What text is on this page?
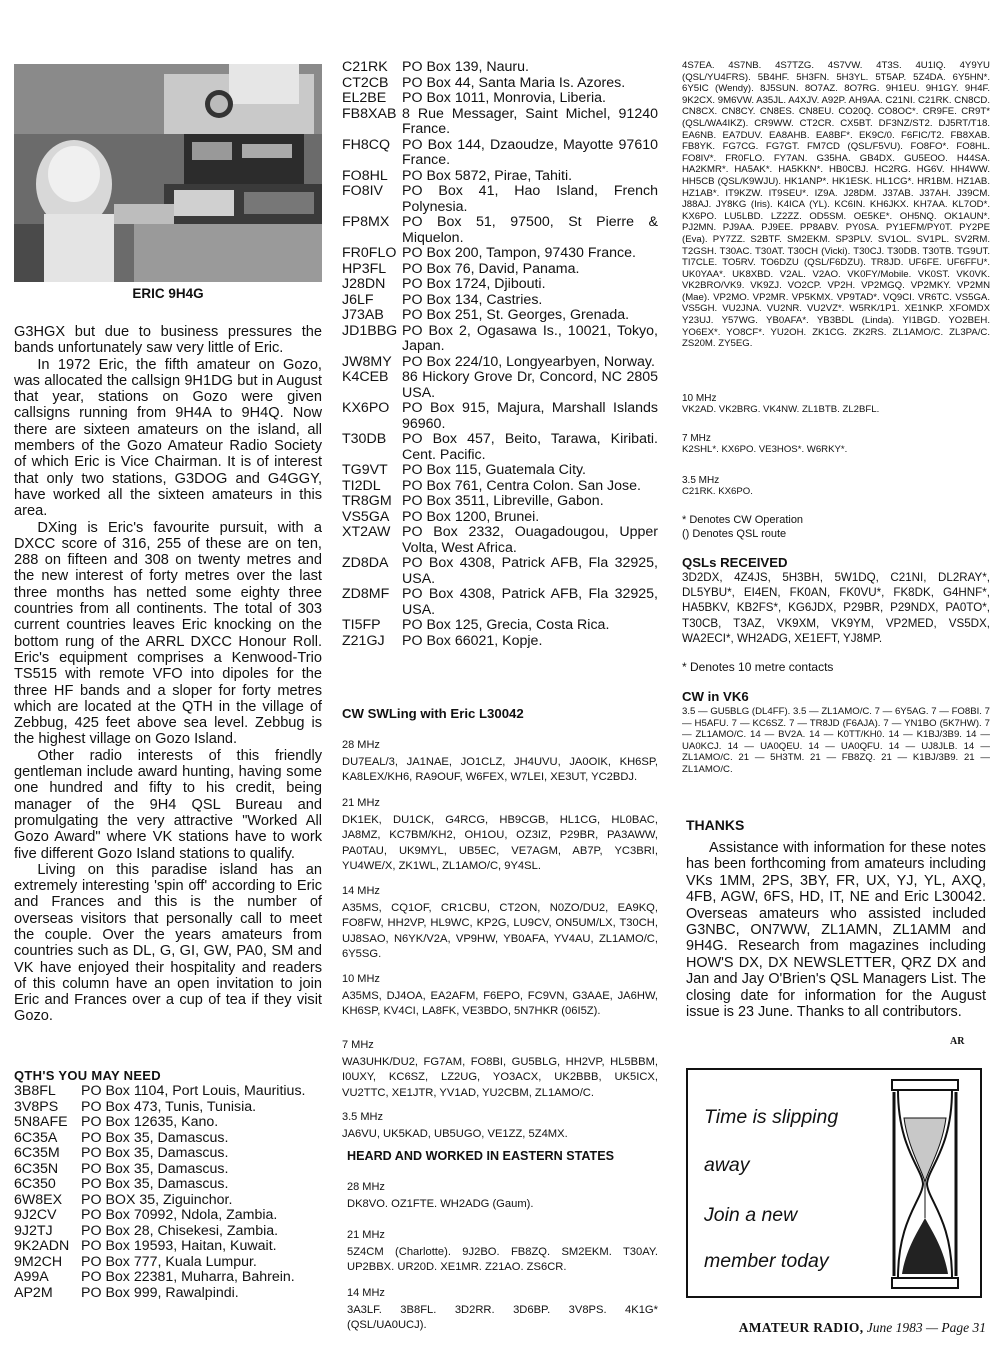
ERIC 9H4G

G3HGX but due to business pressures the bands unfortunately saw very little of Eric.

In 1972 Eric, the fifth amateur on Gozo, was allocated the callsign 9H1DG but in August that year, stations on Gozo were given callsigns running from 9H4A to 9H4Q. Now there are sixteen amateurs on the island, all members of the Gozo Amateur Radio Society of which Eric is Vice Chairman. It is of interest that only two stations, G3DOG and G4GGY, have worked all the sixteen amateurs in this area.

DXing is Eric's favourite pursuit, with a DXCC score of 316, 255 of these are on ten, 288 on fifteen and 308 on twenty metres and the new interest of forty metres over the last three months has netted some eighty three countries from all continents. The total of 303 current countries leaves Eric knocking on the bottom rung of the ARRL DXCC Honour Roll. Eric's equipment comprises a Kenwood-Trio TS515 with remote VFO into dipoles for the three HF bands and a sloper for forty metres which are located at the QTH in the village of Zebbug, 425 feet above sea level. Zebbug is the highest village on Gozo Island.

Other radio interests of this friendly gentleman include award hunting, having some one hundred and fifty to his credit, being manager of the 9H4 QSL Bureau and promulgating the very attractive "Worked All Gozo Award" where VK stations have to work five different Gozo Island stations to qualify.

Living on this paradise island has an extremely interesting 'spin off' according to Eric and Frances and this is the number of overseas visitors that personally call to meet the couple. Over the years amateurs from countries such as DL, G, GI, GW, PA0, SM and VK have enjoyed their hospitality and readers of this column have an open invitation to join Eric and Frances over a cup of tea if they visit Gozo.

QTH'S YOU MAY NEED
3B8FL	PO Box 1104, Port Louis, Mauritius.
3V8PS	PO Box 473, Tunis, Tunisia.
5N8AFE PO Box 12635, Kano.
6C35A	PO Box 35, Damascus.
6C35M	PO Box 35, Damascus.
6C35N	PO Box 35, Damascus.
6C350	PO Box 35, Damascus.
6W8EX	PO BOX 35, Ziguinchor.
9J2CV	PO Box 70992, Ndola, Zambia.
9J2TJ	PO Box 28, Chisekesi, Zambia.
9K2ADN PO Box 19593, Haitan, Kuwait.
9M2CH	PO Box 777, Kuala Lumpur.
A99A	PO Box 22381, Muharra, Bahrein.
AP2M	PO Box 999, Rawalpindi.
C21RK	PO Box 139, Nauru.
CT2CB PO Box 44, Santa Maria Is. Azores.
EL2BE	PO Box 1011, Monrovia, Liberia.
FB8XAB 8 Rue Messager, Saint Michel, 91240 France.
FH8CQ PO Box 144, Dzaoudze, Mayotte 97610 France.
FO8HL	PO Box 5872, Pirae, Tahiti.
FO8IV	PO Box 41, Hao Island, French Polynesia.
FP8MX PO Box 51, 97500, St Pierre & Miquelon.
FR0FLO PO Box 200, Tampon, 97430 France.
HP3FL	PO Box 76, David, Panama.
J28DN	PO Box 1724, Djibouti.
J6LF	PO Box 134, Castries.
J73AB	PO Box 251, St. Georges, Grenada.
JD1BBG PO Box 2, Ogasawa Is., 10021, Tokyo, Japan.
JW8MY PO Box 224/10, Longyearbyen, Norway.
K4CEB 86 Hickory Grove Dr, Concord, NC 2805 USA.
KX6PO PO Box 915, Majura, Marshall Islands 96960.
T30DB	PO Box 457, Beito, Tarawa, Kiribati. Cent. Pacific.
TG9VT	PO Box 115, Guatemala City.
TI2DL	PO Box 761, Centra Colon. San Jose.
TR8GM PO Box 3511, Libreville, Gabon.
VS5GA PO Box 1200, Brunei.
XT2AW PO Box 2332, Ouagadougou, Upper Volta, West Africa.
ZD8DA PO Box 4308, Patrick AFB, Fla 32925, USA.
ZD8MF PO Box 4308, Patrick AFB, Fla 32925, USA.
TI5FP	PO Box 125, Grecia, Costa Rica.
Z21GJ	PO Box 66021, Kopje.
CW SWLing with Eric L30042
28 MHz
DU7EAL/3, JA1NAE, JO1CLZ, JH4UVU, JA0OIK, KH6SP, KA8LEX/KH6, RA9OUF, W6FEX, W7LEI, XE3UT, YC2BDJ.
21 MHz
DK1EK, DU1CK, G4RCG, HB9CGB, HL1CG, HL0BAC, JA8MZ, KC7BM/KH2, OH1OU, OZ3IZ, P29BR, PA3AWW, PA0TAU, UK9MYL, UB5EC, VE7AGM, AB7P, YC3BRI, YU4WE/X, ZK1WL, ZL1AMO/C, 9Y4SL.
14 MHz
A35MS, CQ1OF, CR1CBU, CT2ON, N0ZO/DU2, EA9KQ, FO8FW, HH2VP, HL9WC, KP2G, LU9CV, ON5UM/LX, T30CH, UJ8SAO, N6YK/V2A, VP9HW, YB0AFA, YV4AU, ZL1AMO/C, 6Y5SG.
10 MHz
A35MS, DJ4OA, EA2AFM, F6EPO, FC9VN, G3AAE, JA6HW, KH6SP, KV4CI, LA8FK, VE3BDO, 5N7HKR (06I5Z).
7 MHz
WA3UHK/DU2, FG7AM, FO8BI, GU5BLG, HH2VP, HL5BBM, I0UXY, KC6SZ, LZ2UG, YO3ACX, UK2BBB, UK5ICX, VU2TTC, XE1JTR, YV1AD, YU2CBM, ZL1AMO/C.
3.5 MHz
JA6VU, UK5KAD, UB5UGO, VE1ZZ, 5Z4MX.
HEARD AND WORKED IN EASTERN STATES
28 MHz
DK8VO. OZ1FTE. WH2ADG (Gaum).
21 MHz
5Z4CM (Charlotte). 9J2BO. FB8ZQ. SM2EKM. T30AY. UP2BBX. UR20D. XE1MR. Z21AO. ZS6CR.
14 MHz
3A3LF. 3B8FL. 3D2RR. 3D6BP. 3V8PS. 4K1G* (QSL/UA0UCJ).
4S7EA. 4S7NB. 4S7TZG. 4S7VW. 4T3S. 4U1IQ. 4Y9YU (QSL/YU4FRS). 5B4HF. 5H3FN. 5H3YL. 5T5AP. 5Z4DA. 6Y5HN*. 6Y5IC (Wendy). 8J5SUN. 8O7AZ. 8O7RG. 9H1EU. 9H1GY. 9H4F. 9K2CX. 9M6VW. A35JL. A4XJV. A92P. AH9AA. C21NI. C21RK. CN8CD. CN8CX. CN8CY. CN8ES. CN8EU. CO20Q. CO8OC*. CR9FE. CR9T* (QSL/WA4IKZ). CR9WW. CT2CR. CX5BT. DF3NZ/ST2. DJ5RT/T18. EA6NB. EA7DUV. EA8AHB. EA8BF*. EK9C/0. F6FIC/T2. FB8XAB. FB8YK. FG7CG. FG7GT. FM7CD (QSL/F5VU). FO8FO*. FO8HL. FO8IV*. FR0FLO. FY7AN. G35HA. GB4DX. GU5EOO. H44SA. HA2KMR*. HA5AK*. HA5KKN*. HB0CBJ. HC2RG. HG6V. HH4WW. HH5CB (QSL/K9WJU). HK1ANP*. HK1ESK. HL1CG*. HR1BM. HZ1AB. HZ1AB*. IT9KZW. IT9SEU*. IZ9A. J28DM. J37AB. J37AH. J39CM. J88AJ. JY8KG (Iris). K4ICA (YL). KC6IN. KH6JKX. KH7AA. KL7OD*. KX6PO. LU5LBD. LZ2ZZ. OD5SM. OE5KE*. OH5NQ. OK1AUN*. PJ2MN. PJ9AA. PJ9EE. PP8ABV. PY0SA. PY1EFM/PY0T. PY2PE (Eva). PY7ZZ. S2BTF. SM2EKM. SP3PLV. SV1OL. SV1PL. SV2RM. T2GSH. T30AC. T30AT. T30CH (Vicki). T30CJ. T30DB. T30TB. TG9UT. TI7CLE. TO5RV. TO6DZU (QSL/F6DZU). TR8JD. UF6FE. UF6FFU*. UK0YAA*. UK8XBD. V2AL. V2AO. VK0FY/Mobile. VK0ST. VK0VK. VK2BRO/VK9. VK9ZJ. VO2CP. VP2H. VP2MGQ. VP2MKY. VP2MN (Mae). VP2MO. VP2MR. VP5KMX. VP9TAD*. VQ9CI. VR6TC. VS5GA. VS5GH. VU2JNA. VU2NR. VU2VZ*. W5RK/1P1. XE1NKP. XFOMDX Y23UJ. Y57WG. YB0AFA*. YB3BDL (Linda). YI1BGD. YO2BEH. YO6EX*. YO8CF*. YU2OH. ZK1CG. ZK2RS. ZL1AMO/C. ZL3PA/C. ZS20M. ZY5EG.
10 MHz
VK2AD. VK2BRG. VK4NW. ZL1BTB. ZL2BFL.
7 MHz
K2SHL*. KX6PO. VE3HOS*. W6RKY*.
3.5 MHz
C21RK. KX6PO.
* Denotes CW Operation
() Denotes QSL route
QSLs RECEIVED
3D2DX, 4Z4JS, 5H3BH, 5W1DQ, C21NI, DL2RAY*, DL5YBU*, EI4EN, FK0AN, FK0VU*, FK8DK, G4HNF*, HA5BKV, KB2FS*, KG6JDX, P29BR, P29NDX, PA0TO*, T30CB, T3AZ, VK9XM, VK9YM, VP2MED, VS5DX, WA2ECI*, WH2ADG, XE1EFT, YJ8MP.
* Denotes 10 metre contacts
CW in VK6
3.5 — GU5BLG (DL4FF). 3.5 — ZL1AMO/C. 7 — 6Y5AG. 7 — FO8BI. 7 — H5AFU. 7 — KC6SZ. 7 — TR8JD (F6AJA). 7 — YN1BO (5K7HW). 7 — ZL1AMO/C. 14 — BV2A. 14 — K0TT/KH0. 14 — K1BJ/3B9. 14 — UA0KCJ. 14 — UA0QEU. 14 — UA0QFU. 14 — UJ8JLB. 14 — ZL1AMO/C. 21 — 5H3TM. 21 — FB8ZQ. 21 — K1BJ/3B9. 21 — ZL1AMO/C.
THANKS

Assistance with information for these notes has been forthcoming from amateurs including VKs 1MM, 2PS, 3BY, FR, UX, YJ, YL, AXQ, 4FB, AGW, 6FS, HD, IT, NE and Eric L30042. Overseas amateurs who assisted included G3NBC, ON7WW, ZL1AMN, ZL1AMM and 9H4G. Research from magazines including HOW'S DX, DX NEWSLETTER, QRZ DX and Jan and Jay O'Brien's QSL Managers List. The closing date for information for the August issue is 23 June. Thanks to all contributors.

AR
Time is slipping
away
Join a new
member today
AMATEUR RADIO, June 1983 — Page 31
